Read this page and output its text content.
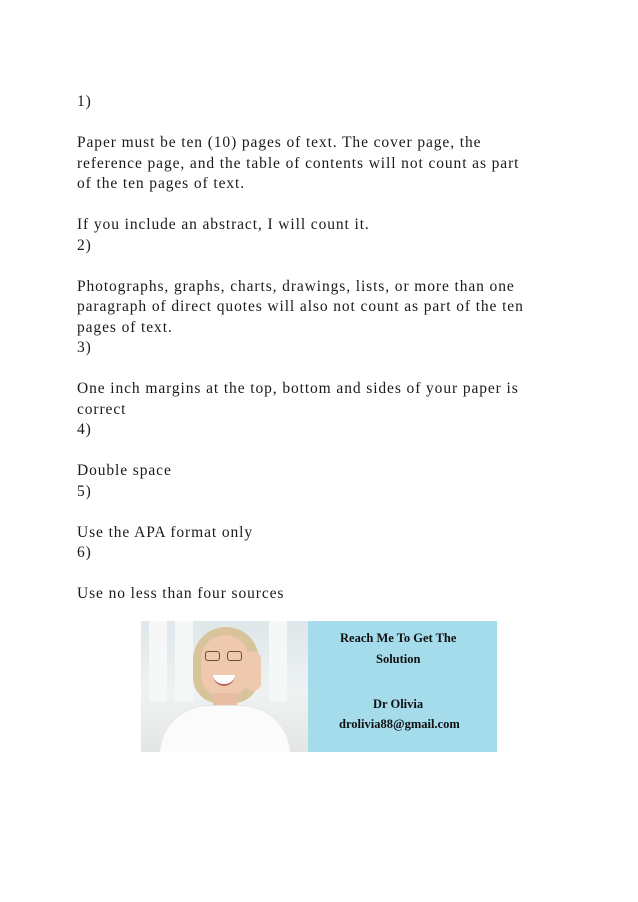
1)
Paper must be ten (10) pages of text. The cover page, the
reference page, and the table of contents will not count as part
of the ten pages of text.
If you include an abstract, I will count it.
2)
Photographs, graphs, charts, drawings, lists, or more than one
paragraph of direct quotes will also not count as part of the ten
pages of text.
3)
One inch margins at the top, bottom and sides of your paper is
correct
4)
Double space
5)
Use the APA format only
6)
Use no less than four sources
Reach Me To Get The
Solution
Dr Olivia
drolivia88@gmail.com
